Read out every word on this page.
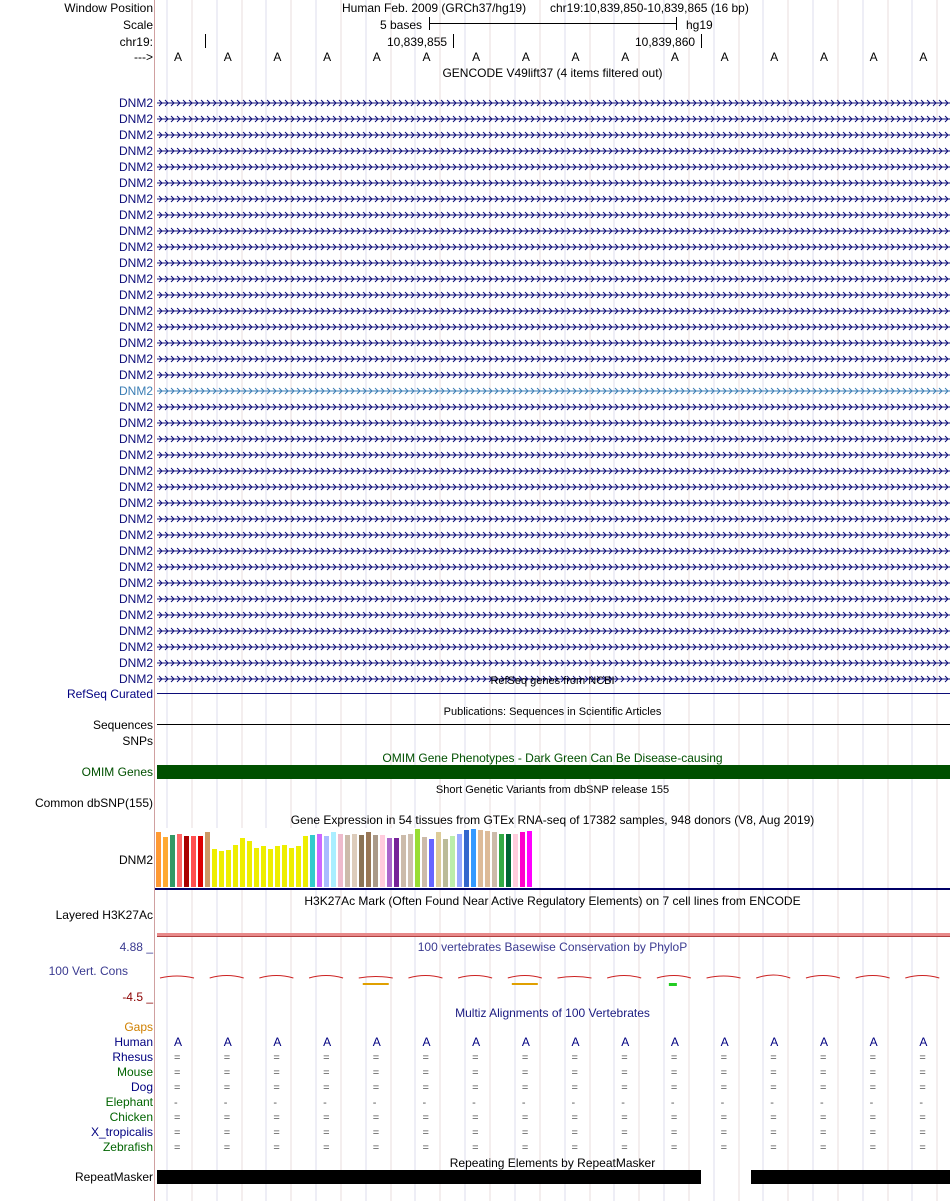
Window Position	Human Feb. 2009 (GRCh37/hg19) chr19:10,839,850-10,839,865 (16 bp)
Scale	5 bases	hg19
chr19:	10,839,855	10,839,860
---> A	A	A	A	A	A	A	A	A	A	A	A	A	A	A	A
GENCODE V49lift37 (4 items filtered out)
DNM2
DNM2
DNM2
DNM2
DNM2
DNM2
DNM2
DNM2
DNM2
DNM2
DNM2
DNM2
DNM2
DNM2
DNM2
DNM2
DNM2
DNM2
DNM2
DNM2
DNM2
DNM2
DNM2
DNM2
DNM2
DNM2
DNM2
DNM2
DNM2
DNM2
DNM2
DNM2
DNM2
DNM2
DNM2
DNM2
DNM2	RefSeq genes from NCBI
RefSeq Curated
Publications: Sequences in Scientific Articles
Sequences
SNPs
OMIM Gene Phenotypes - Dark Green Can Be Disease-causing
OMIM Genes
Short Genetic Variants from dbSNP release 155
Common dbSNP(155)
Gene Expression in 54 tissues from GTEx RNA-seq of 17382 samples, 948 donors (V8, Aug 2019)
DNM2
H3K27Ac Mark (Often Found Near Active Regulatory Elements) on 7 cell lines from ENCODE
Layered H3K27Ac
100 vertebrates Basewise Conservation by PhyloP
4.88 _
100 Vert. Cons
-4.5 _
Multiz Alignments of 100 Vertebrates
Gaps
Human A	A	A	A	A	A	A	A	A	A	A	A	A	A	A	A
Rhesus =	=	=	=	=	=	=	=	=	=	=	=	=	=	=	=
Mouse =	=	=	=	=	=	=	=	=	=	=	=	=	=	=	=
Dog =	=	=	=	=	=	=	=	=	=	=	=	=	=	=	=
Elephant -	-	-	-	-	-	-	-	-	-	-	-	-	-	-	-
Chicken =	=	=	=	=	=	=	=	=	=	=	=	=	=	=	=
X_tropicalis =	=	=	=	=	=	=	=	=	=	=	=	=	=	=	=
Zebrafish =	=	=	=	=	=	=	=	=	=	=	=	=	=	=	=
Repeating Elements by RepeatMasker
RepeatMasker
